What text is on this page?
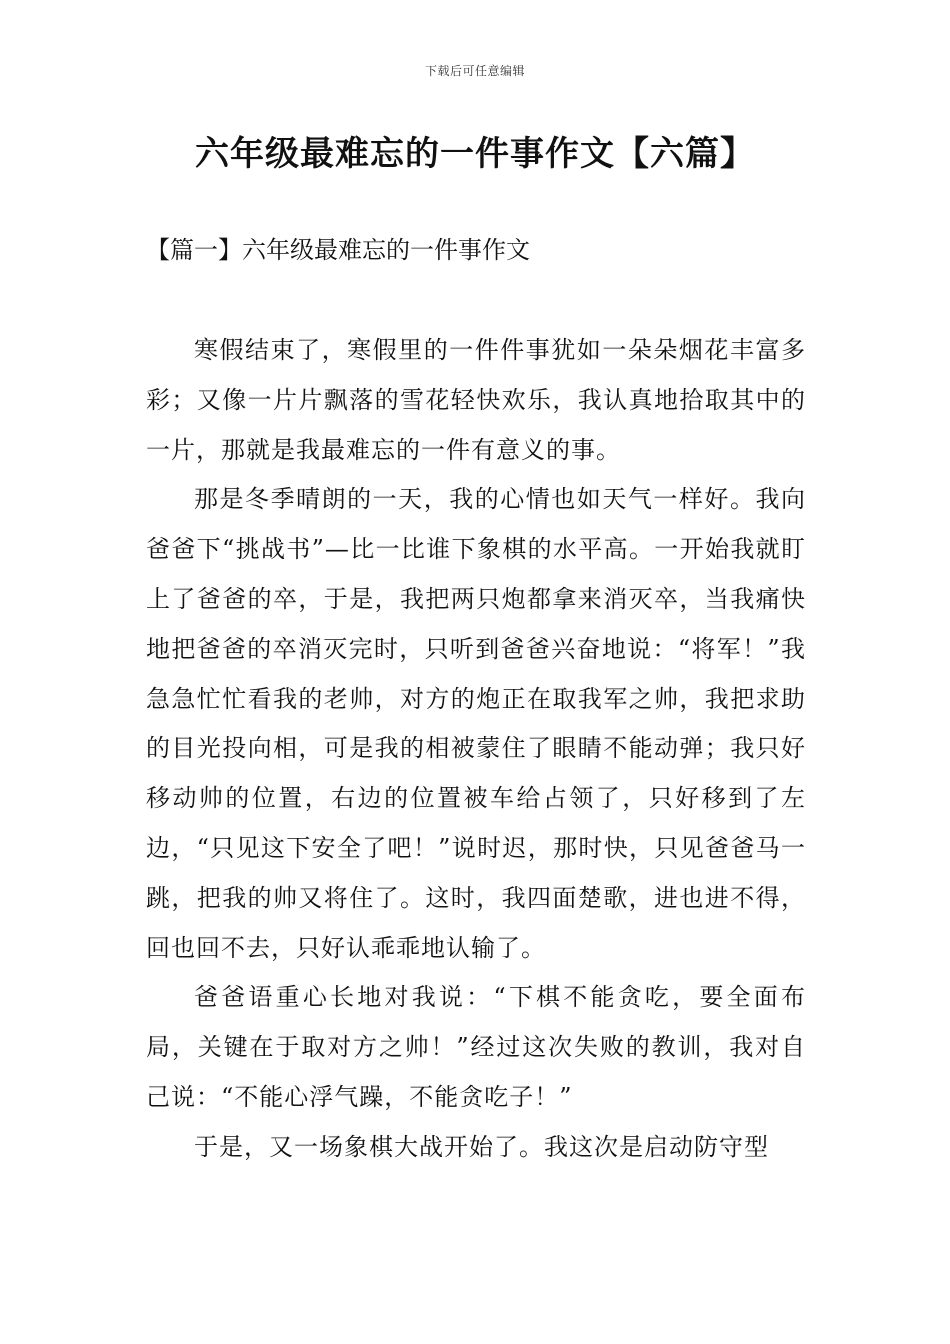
下载后可任意编辑
六年级最难忘的一件事作文【六篇】
【篇一】六年级最难忘的一件事作文

寒假结束了，寒假里的一件件事犹如一朵朵烟花丰富多彩；又像一片片飘落的雪花轻快欢乐，我认真地拾取其中的一片，那就是我最难忘的一件有意义的事。

那是冬季晴朗的一天，我的心情也如天气一样好。我向爸爸下“挑战书”—比一比谁下象棋的水平高。一开始我就盯上了爸爸的卒，于是，我把两只炮都拿来消灭卒，当我痛快地把爸爸的卒消灭完时，只听到爸爸兴奋地说：“将军！”我急急忙忙看我的老帅，对方的炮正在取我军之帅，我把求助的目光投向相，可是我的相被蒙住了眼睛不能动弹；我只好移动帅的位置，右边的位置被车给占领了，只好移到了左边，“只见这下安全了吧！”说时迟，那时快，只见爸爸马一跳，把我的帅又将住了。这时，我四面楚歌，进也进不得，回也回不去，只好认乖乖地认输了。

爸爸语重心长地对我说：“下棋不能贪吃，要全面布局，关键在于取对方之帅！”经过这次失败的教训，我对自己说：“不能心浮气躁，不能贪吃子！”

于是，又一场象棋大战开始了。我这次是启动防守型
